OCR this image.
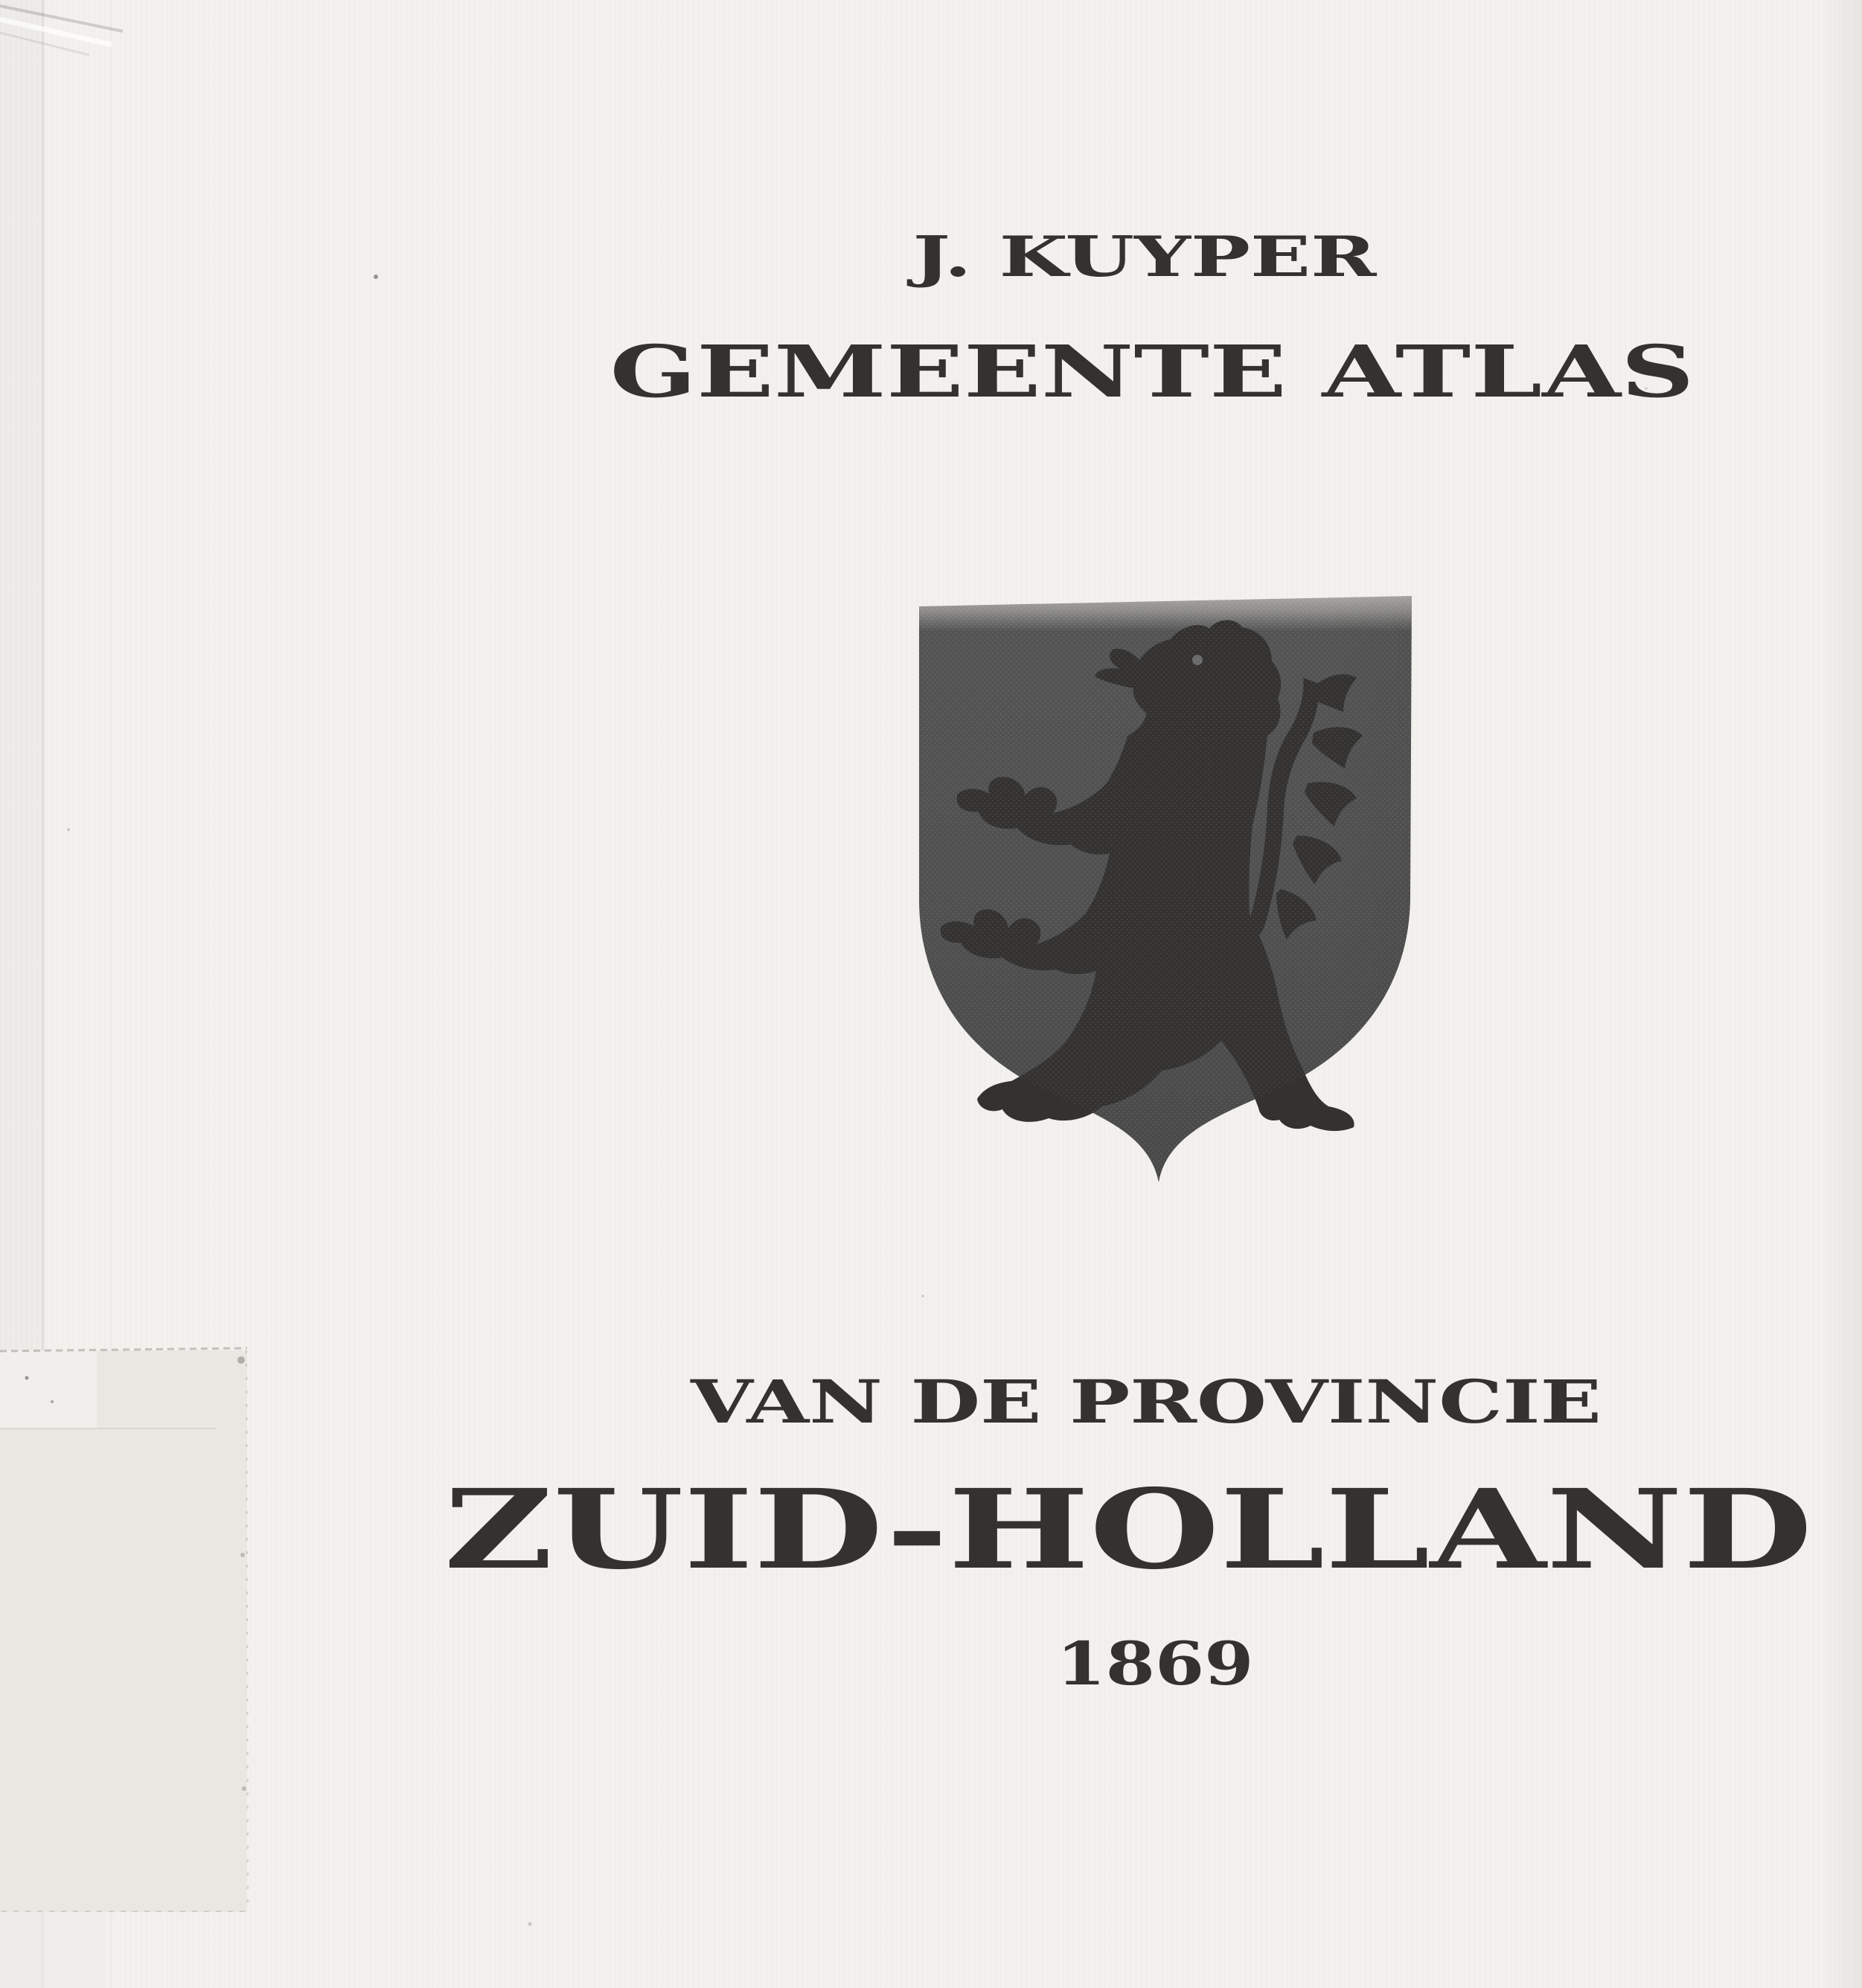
J. KUYPER
GEMEENTE ATLAS
VAN DE PROVINCIE
ZUID-HOLLAND
1869
